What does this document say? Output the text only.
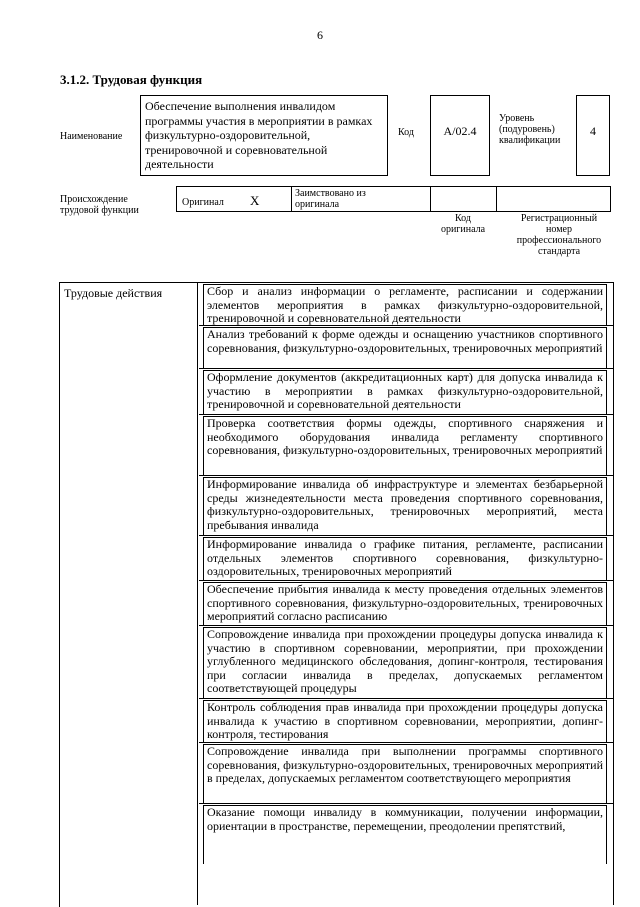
6
3.1.2. Трудовая функция
Наименование
Обеспечение выполнения инвалидом программы участия в мероприятии в рамках физкультурно-оздоровительной, тренировочной и соревновательной деятельности
Код А/02.4
Уровень
(подуровень)
квалификации
4
Происхождение
трудовой функции
Оригинал X	Заимствовано из
оригинала
Код
оригинала
Регистрационный
номер
профессионального
стандарта
Трудовые действия	Сбор и анализ информации о регламенте, расписании и содержании элементов мероприятия в рамках физкультурно-оздоровительной, тренировочной и соревновательной деятельности

Анализ требований к форме одежды и оснащению участников спортивного соревнования, физкультурно-оздоровительных, тренировочных мероприятий

Оформление документов (аккредитационных карт) для допуска инвалида к участию в мероприятии в рамках физкультурно-оздоровительной, тренировочной и соревновательной деятельности

Проверка соответствия формы одежды, спортивного снаряжения и необходимого оборудования инвалида регламенту спортивного соревнования, физкультурно-оздоровительных, тренировочных мероприятий

Информирование инвалида об инфраструктуре и элементах безбарьерной среды жизнедеятельности места проведения спортивного соревнования, физкультурно-оздоровительных, тренировочных мероприятий, места пребывания инвалида

Информирование инвалида о графике питания, регламенте, расписании отдельных элементов спортивного соревнования, физкультурно-оздоровительных, тренировочных мероприятий

Обеспечение прибытия инвалида к месту проведения отдельных элементов спортивного соревнования, физкультурно-оздоровительных, тренировочных мероприятий согласно расписанию

Сопровождение инвалида при прохождении процедуры допуска инвалида к участию в спортивном соревновании, мероприятии, при прохождении углубленного медицинского обследования, допинг-контроля, тестирования при согласии инвалида в пределах, допускаемых регламентом соответствующей процедуры

Контроль соблюдения прав инвалида при прохождении процедуры допуска инвалида к участию в спортивном соревновании, мероприятии, допинг-контроля, тестирования

Сопровождение инвалида при выполнении программы спортивного соревнования, физкультурно-оздоровительных, тренировочных мероприятий в пределах, допускаемых регламентом соответствующего мероприятия

Оказание помощи инвалиду в коммуникации, получении информации, ориентации в пространстве, перемещении, преодолении препятствий,
